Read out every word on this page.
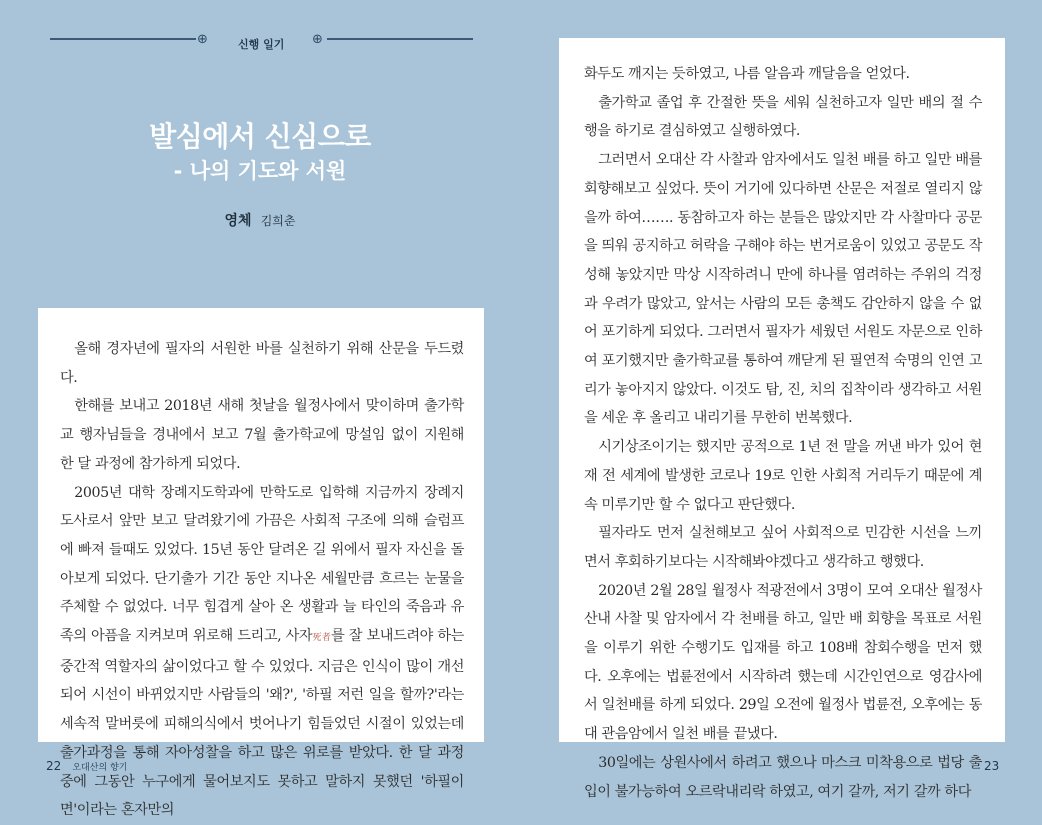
⊕	신행 일기 ⊕
발심에서 신심으로
- 나의 기도와 서원
영체 김희춘

올해 경자년에 필자의 서원한 바를 실천하기 위해 산문을 두드렸다.

한해를 보내고 2018년 새해 첫날을 월정사에서 맞이하며 출가학교 행자님들을 경내에서 보고 7월 출가학교에 망설임 없이 지원해 한 달 과정에 참가하게 되었다.

2005년 대학 장례지도학과에 만학도로 입학해 지금까지 장례지도사로서 앞만 보고 달려왔기에 가끔은 사회적 구조에 의해 슬럼프에 빠져 들때도 있었다. 15년 동안 달려온 길 위에서 필자 자신을 돌아보게 되었다. 단기출가 기간 동안 지나온 세월만큼 흐르는 눈물을 주체할 수 없었다. 너무 힘겹게 살아 온 생활과 늘 타인의 죽음과 유족의 아픔을 지켜보며 위로해 드리고, 사자死者를 잘 보내드려야 하는 중간적 역할자의 삶이었다고 할 수 있었다. 지금은 인식이 많이 개선되어 시선이 바뀌었지만 사람들의 '왜?', '하필 저런 일을 할까?'라는 세속적 말버릇에 피해의식에서 벗어나기 힘들었던 시절이 있었는데 출가과정을 통해 자아성찰을 하고 많은 위로를 받았다. 한 달 과정 중에 그동안 누구에게 물어보지도 못하고 말하지 못했던 '하필이면'이라는 혼자만의

화두도 깨지는 듯하였고, 나름 알음과 깨달음을 얻었다.

출가학교 졸업 후 간절한 뜻을 세워 실천하고자 일만 배의 절 수행을 하기로 결심하였고 실행하였다.

그러면서 오대산 각 사찰과 암자에서도 일천 배를 하고 일만 배를 회향해보고 싶었다. 뜻이 거기에 있다하면 산문은 저절로 열리지 않을까 하여……. 동참하고자 하는 분들은 많았지만 각 사찰마다 공문을 띄워 공지하고 허락을 구해야 하는 번거로움이 있었고 공문도 작성해 놓았지만 막상 시작하려니 만에 하나를 염려하는 주위의 걱정과 우려가 많았고, 앞서는 사람의 모든 총책도 감안하지 않을 수 없어 포기하게 되었다. 그러면서 필자가 세웠던 서원도 자문으로 인하여 포기했지만 출가학교를 통하여 깨닫게 된 필연적 숙명의 인연 고리가 놓아지지 않았다. 이것도 탐, 진, 치의 집착이라 생각하고 서원을 세운 후 올리고 내리기를 무한히 번복했다.

시기상조이기는 했지만 공적으로 1년 전 말을 꺼낸 바가 있어 현재 전 세계에 발생한 코로나 19로 인한 사회적 거리두기 때문에 계속 미루기만 할 수 없다고 판단했다.

필자라도 먼저 실천해보고 싶어 사회적으로 민감한 시선을 느끼면서 후회하기보다는 시작해봐야겠다고 생각하고 행했다.

2020년 2월 28일 월정사 적광전에서 3명이 모여 오대산 월정사 산내 사찰 및 암자에서 각 천배를 하고, 일만 배 회향을 목표로 서원을 이루기 위한 수행기도 입재를 하고 108배 참회수행을 먼저 했다. 오후에는 법륜전에서 시작하려 했는데 시간인연으로 영감사에서 일천배를 하게 되었다. 29일 오전에 월정사 법륜전, 오후에는 동대 관음암에서 일천 배를 끝냈다.

30일에는 상원사에서 하려고 했으나 마스크 미착용으로 법당 출입이 불가능하여 오르락내리락 하였고, 여기 갈까, 저기 갈까 하다

22 오대산의 향기	23
